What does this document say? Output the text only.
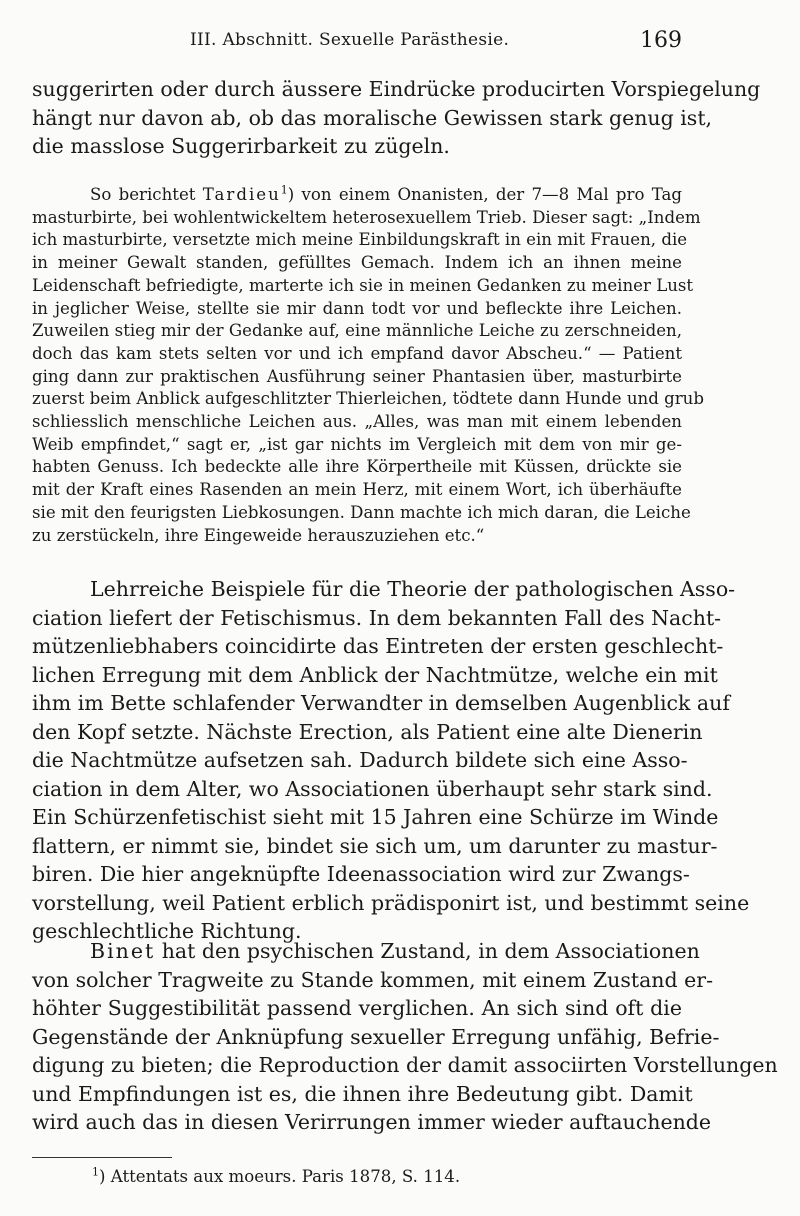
III. Abschnitt. Sexuelle Parästhesie.	169
suggerirten oder durch äussere Eindrücke producirten Vorspiegelung
hängt nur davon ab, ob das moralische Gewissen stark genug ist,
die masslose Suggerirbarkeit zu zügeln.
So berichtet Tardieu$^1$) von einem Onanisten, der 7—8 Mal pro Tag
masturbirte, bei wohlentwickeltem heterosexuellem Trieb. Dieser sagt: „Indem
ich masturbirte, versetzte mich meine Einbildungskraft in ein mit Frauen, die
in meiner Gewalt standen, gefülltes Gemach. Indem ich an ihnen meine
Leidenschaft befriedigte, marterte ich sie in meinen Gedanken zu meiner Lust
in jeglicher Weise, stellte sie mir dann todt vor und befleckte ihre Leichen.
Zuweilen stieg mir der Gedanke auf, eine männliche Leiche zu zerschneiden,
doch das kam stets selten vor und ich empfand davor Abscheu.“ — Patient
ging dann zur praktischen Ausführung seiner Phantasien über, masturbirte
zuerst beim Anblick aufgeschlitzter Thierleichen, tödtete dann Hunde und grub
schliesslich menschliche Leichen aus. „Alles, was man mit einem lebenden
Weib empfindet,“ sagt er, „ist gar nichts im Vergleich mit dem von mir ge-
habten Genuss. Ich bedeckte alle ihre Körpertheile mit Küssen, drückte sie
mit der Kraft eines Rasenden an mein Herz, mit einem Wort, ich überhäufte
sie mit den feurigsten Liebkosungen. Dann machte ich mich daran, die Leiche
zu zerstückeln, ihre Eingeweide herauszuziehen etc.“
Lehrreiche Beispiele für die Theorie der pathologischen Asso-
ciation liefert der Fetischismus. In dem bekannten Fall des Nacht-
mützenliebhabers coincidirte das Eintreten der ersten geschlecht-
lichen Erregung mit dem Anblick der Nachtmütze, welche ein mit
ihm im Bette schlafender Verwandter in demselben Augenblick auf
den Kopf setzte. Nächste Erection, als Patient eine alte Dienerin
die Nachtmütze aufsetzen sah. Dadurch bildete sich eine Asso-
ciation in dem Alter, wo Associationen überhaupt sehr stark sind.
Ein Schürzenfetischist sieht mit 15 Jahren eine Schürze im Winde
flattern, er nimmt sie, bindet sie sich um, um darunter zu mastur-
biren. Die hier angeknüpfte Ideenassociation wird zur Zwangs-
vorstellung, weil Patient erblich prädisponirt ist, und bestimmt seine
geschlechtliche Richtung.
Binet hat den psychischen Zustand, in dem Associationen
von solcher Tragweite zu Stande kommen, mit einem Zustand er-
höhter Suggestibilität passend verglichen. An sich sind oft die
Gegenstände der Anknüpfung sexueller Erregung unfähig, Befrie-
digung zu bieten; die Reproduction der damit associirten Vorstellungen
und Empfindungen ist es, die ihnen ihre Bedeutung gibt. Damit
wird auch das in diesen Verirrungen immer wieder auftauchende
$^1$) Attentats aux moeurs. Paris 1878, S. 114.
